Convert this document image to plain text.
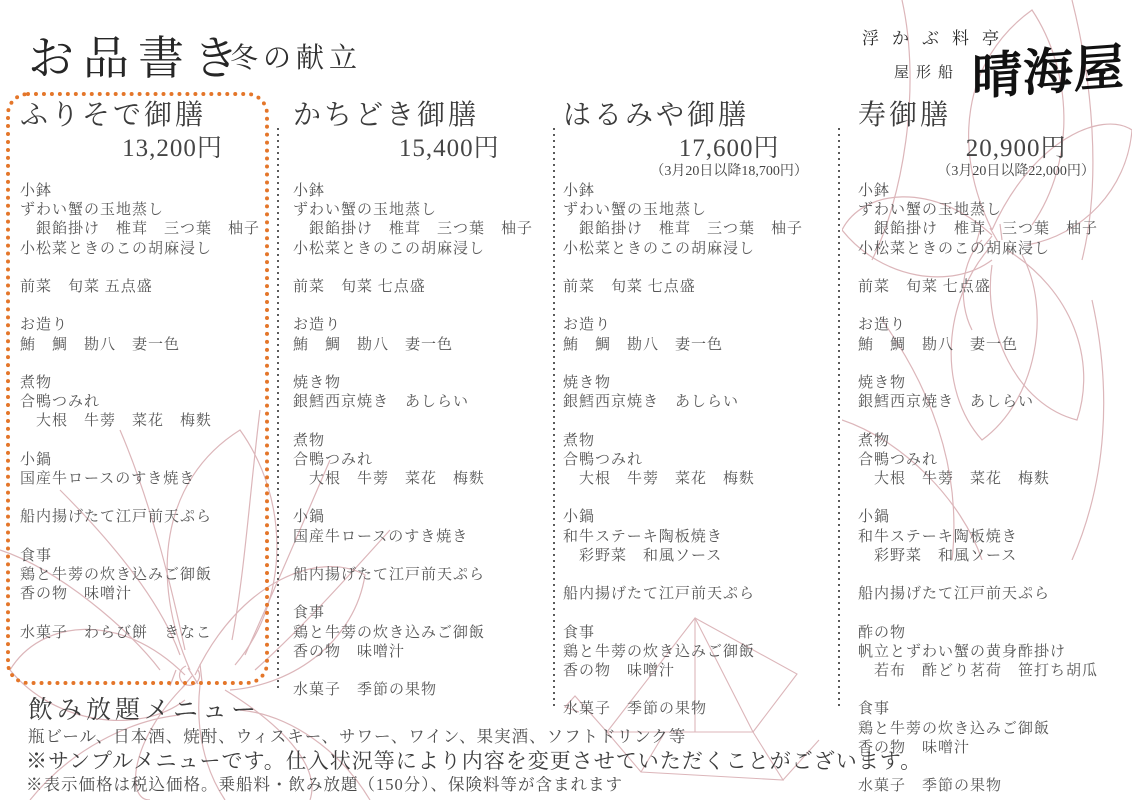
お品書き
冬の献立
浮かぶ料亭
屋形船 晴海屋
ふりそで御膳
13,200円
小鉢
ずわい蟹の玉地蒸し
　銀餡掛け　椎茸　三つ葉　柚子
小松菜ときのこの胡麻浸し
前菜　旬菜 五点盛
お造り
鮪　鯛　勘八　妻一色
煮物
合鴨つみれ
　大根　牛蒡　菜花　梅麩
小鍋
国産牛ロースのすき焼き
船内揚げたて江戸前天ぷら
食事
鶏と牛蒡の炊き込みご御飯
香の物　味噌汁
水菓子　わらび餅　きなこ
かちどき御膳
15,400円
小鉢
ずわい蟹の玉地蒸し
　銀餡掛け　椎茸　三つ葉　柚子
小松菜ときのこの胡麻浸し
前菜　旬菜 七点盛
お造り
鮪　鯛　勘八　妻一色
焼き物
銀鱈西京焼き　あしらい
煮物
合鴨つみれ
　大根　牛蒡　菜花　梅麩
小鍋
国産牛ロースのすき焼き
船内揚げたて江戸前天ぷら
食事
鶏と牛蒡の炊き込みご御飯
香の物　味噌汁
水菓子　季節の果物
はるみや御膳
17,600円
（3月20日以降18,700円）
小鉢
ずわい蟹の玉地蒸し
　銀餡掛け　椎茸　三つ葉　柚子
小松菜ときのこの胡麻浸し
前菜　旬菜 七点盛
お造り
鮪　鯛　勘八　妻一色
焼き物
銀鱈西京焼き　あしらい
煮物
合鴨つみれ
　大根　牛蒡　菜花　梅麩
小鍋
和牛ステーキ陶板焼き
　彩野菜　和風ソース
船内揚げたて江戸前天ぷら
食事
鶏と牛蒡の炊き込みご御飯
香の物　味噌汁
水菓子　季節の果物
寿御膳
20,900円
（3月20日以降22,000円）
小鉢
ずわい蟹の玉地蒸し
　銀餡掛け　椎茸　三つ葉　柚子
小松菜ときのこの胡麻浸し
前菜　旬菜 七点盛
お造り
鮪　鯛　勘八　妻一色
焼き物
銀鱈西京焼き　あしらい
煮物
合鴨つみれ
　大根　牛蒡　菜花　梅麩
小鍋
和牛ステーキ陶板焼き
　彩野菜　和風ソース
船内揚げたて江戸前天ぷら
酢の物
帆立とずわい蟹の黄身酢掛け
　若布　酢どり茗荷　笹打ち胡瓜
食事
鶏と牛蒡の炊き込みご御飯
香の物　味噌汁
水菓子　季節の果物
飲み放題メニュー
瓶ビール、日本酒、焼酎、ウィスキー、サワー、ワイン、果実酒、ソフトドリンク等
※サンプルメニューです。仕入状況等により内容を変更させていただくことがございます。
※表示価格は税込価格。乗船料・飲み放題（150分）、保険料等が含まれます
